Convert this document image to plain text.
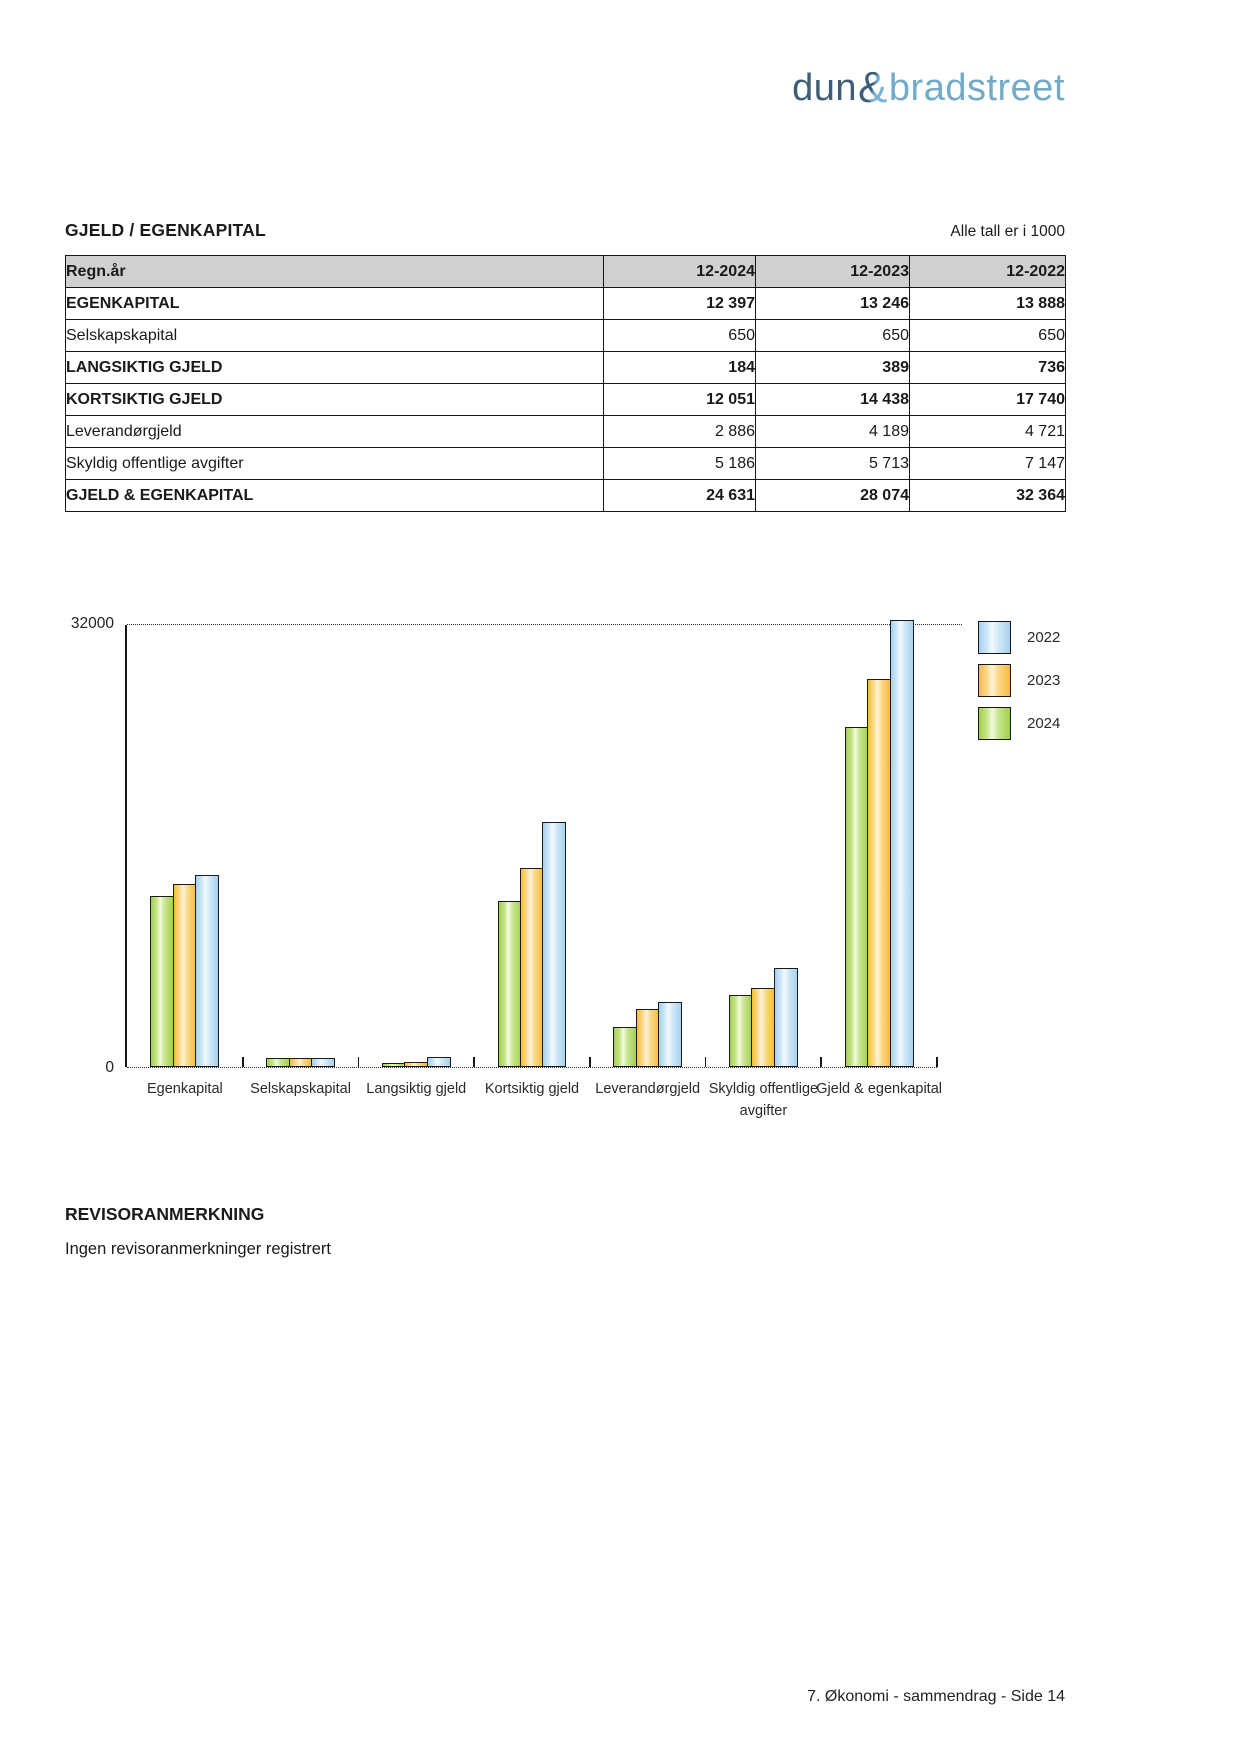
dun&bradstreet
GJELD / EGENKAPITAL	Alle tall er i 1000
Regn.år	12-2024	12-2023	12-2022
EGENKAPITAL	12 397	13 246	13 888
Selskapskapital	650	650	650
LANGSIKTIG GJELD	184	389	736
KORTSIKTIG GJELD	12 051	14 438	17 740
Leverandørgjeld	2 886	4 189	4 721
Skyldig offentlige avgifter	5 186	5 713	7 147
GJELD & EGENKAPITAL	24 631	28 074	32 364
32000
0
Egenkapital	Selskapskapital	Langsiktig gjeld	Kortsiktig gjeld	Leverandørgjeld Skyldig offentlige avgifter
Gjeld & egenkapital
2022
2023
2024
REVISORANMERKNING
Ingen revisoranmerkninger registrert
7. Økonomi - sammendrag - Side 14
